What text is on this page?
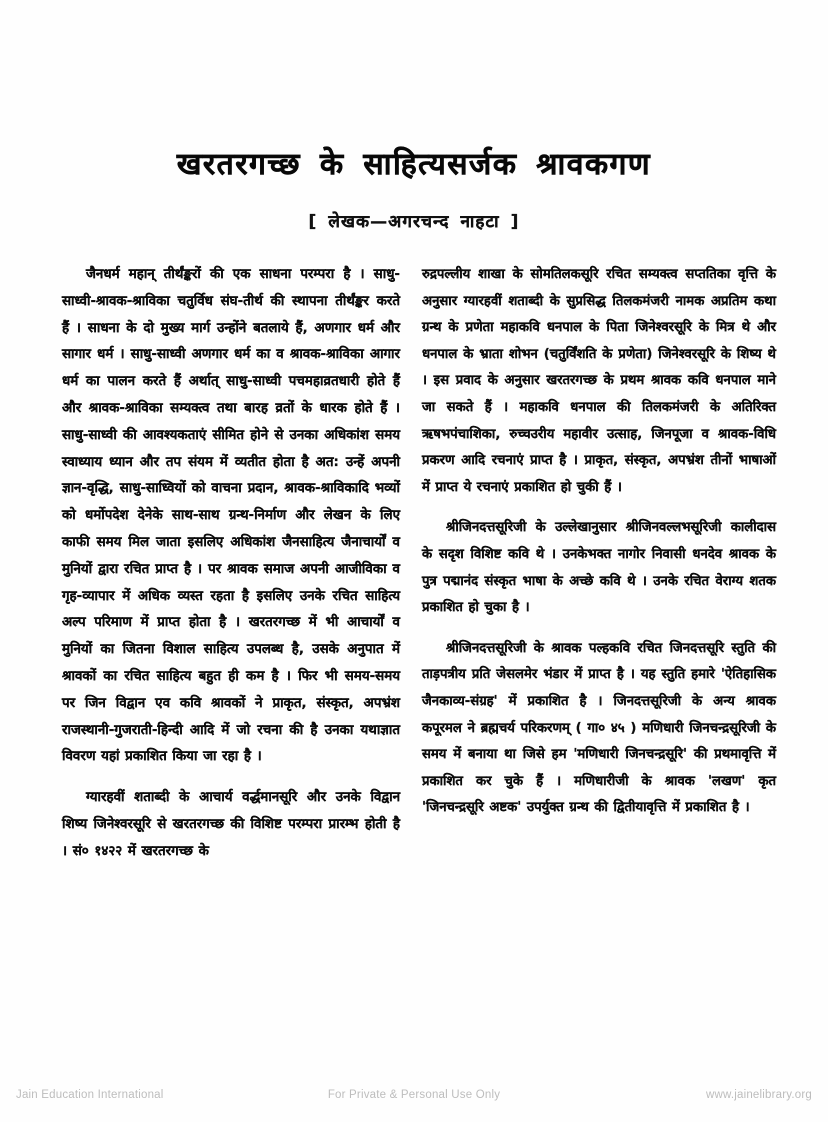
खरतरगच्छ के साहित्यसर्जक श्रावकगण
[ लेखक—अगरचन्द नाहटा ]

जैनधर्म महान् तीर्थंङ्करों की एक साधना परम्परा है । साधु-साध्वी-श्रावक-श्राविका चतुर्विध संघ-तीर्थ की स्थापना तीर्थंङ्कर करते हैं । साधना के दो मुख्य मार्ग उन्होंने बतलाये हैं, अणगार धर्म और सागार धर्म । साधु-साध्वी अणगार धर्म का व श्रावक-श्राविका आगार धर्म का पालन करते हैं अर्थात् साधु-साध्वी पचमहाव्रतधारी होते हैं और श्रावक-श्राविका सम्यक्त्व तथा बारह व्रतों के धारक होते हैं । साधु-साध्वी की आवश्यकताएं सीमित होने से उनका अधिकांश समय स्वाध्याय ध्यान और तप संयम में व्यतीत होता है अत: उन्हें अपनी ज्ञान-वृद्धि, साधु-साध्वियों को वाचना प्रदान, श्रावक-श्राविकादि भव्यों को धर्मोपदेश देनेके साथ-साथ ग्रन्थ-निर्माण और लेखन के लिए काफी समय मिल जाता इसलिए अधिकांश जैनसाहित्य जैनाचार्यों व मुनियों द्वारा रचित प्राप्त है । पर श्रावक समाज अपनी आजीविका व गृह-व्यापार में अधिक व्यस्त रहता है इसलिए उनके रचित साहित्य अल्प परिमाण में प्राप्त होता है । खरतरगच्छ में भी आचार्यों व मुनियों का जितना विशाल साहित्य उपलब्ध है, उसके अनुपात में श्रावकों का रचित साहित्य बहुत ही कम है । फिर भी समय-समय पर जिन विद्वान एव कवि श्रावकों ने प्राकृत, संस्कृत, अपभ्रंश राजस्थानी-गुजराती-हिन्दी आदि में जो रचना की है उनका यथाज्ञात विवरण यहां प्रकाशित किया जा रहा है ।

ग्यारहवीं शताब्दी के आचार्य वर्द्धमानसूरि और उनके विद्वान शिष्य जिनेश्वरसूरि से खरतरगच्छ की विशिष्ट परम्परा प्रारम्भ होती है । सं० १४२२ में खरतरगच्छ के

रुद्रपल्लीय शाखा के सोमतिलकसूरि रचित सम्यक्त्व सप्ततिका वृत्ति के अनुसार ग्यारहवीं शताब्दी के सुप्रसिद्ध तिलकमंजरी नामक अप्रतिम कथा ग्रन्थ के प्रणेता महाकवि धनपाल के पिता जिनेश्वरसूरि के मित्र थे और धनपाल के भ्राता शोभन (चतुर्विंशति के प्रणेता) जिनेश्वरसूरि के शिष्य थे । इस प्रवाद के अनुसार खरतरगच्छ के प्रथम श्रावक कवि धनपाल माने जा सकते हैं । महाकवि धनपाल की तिलकमंजरी के अतिरिक्त ऋषभपंचाशिका, रुच्चउरीय महावीर उत्साह, जिनपूजा व श्रावक-विधि प्रकरण आदि रचनाएं प्राप्त है । प्राकृत, संस्कृत, अपभ्रंश तीनों भाषाओं में प्राप्त ये रचनाएं प्रकाशित हो चुकी हैं ।

श्रीजिनदत्तसूरिजी के उल्लेखानुसार श्रीजिनवल्लभसूरिजी कालीदास के सदृश विशिष्ट कवि थे । उनकेभक्त नागोर निवासी धनदेव श्रावक के पुत्र पद्मानंद संस्कृत भाषा के अच्छे कवि थे । उनके रचित वेराग्य शतक प्रकाशित हो चुका है ।

श्रीजिनदत्तसूरिजी के श्रावक पल्हकवि रचित जिनदत्तसूरि स्तुति की ताड़पत्रीय प्रति जेसलमेर भंडार में प्राप्त है । यह स्तुति हमारे 'ऐतिहासिक जैनकाव्य-संग्रह' में प्रकाशित है । जिनदत्तसूरिजी के अन्य श्रावक कपूरमल ने ब्रह्मचर्य परिकरणम् ( गा० ४५ ) मणिधारी जिनचन्द्रसूरिजी के समय में बनाया था जिसे हम 'मणिधारी जिनचन्द्रसूरि' की प्रथमावृत्ति में प्रकाशित कर चुके हैं । मणिधारीजी के श्रावक 'लखण' कृत 'जिनचन्द्रसूरि अष्टक' उपर्युक्त ग्रन्थ की द्वितीयावृत्ति में प्रकाशित है ।

Jain Education International	For Private & Personal Use Only	www.jainelibrary.org
